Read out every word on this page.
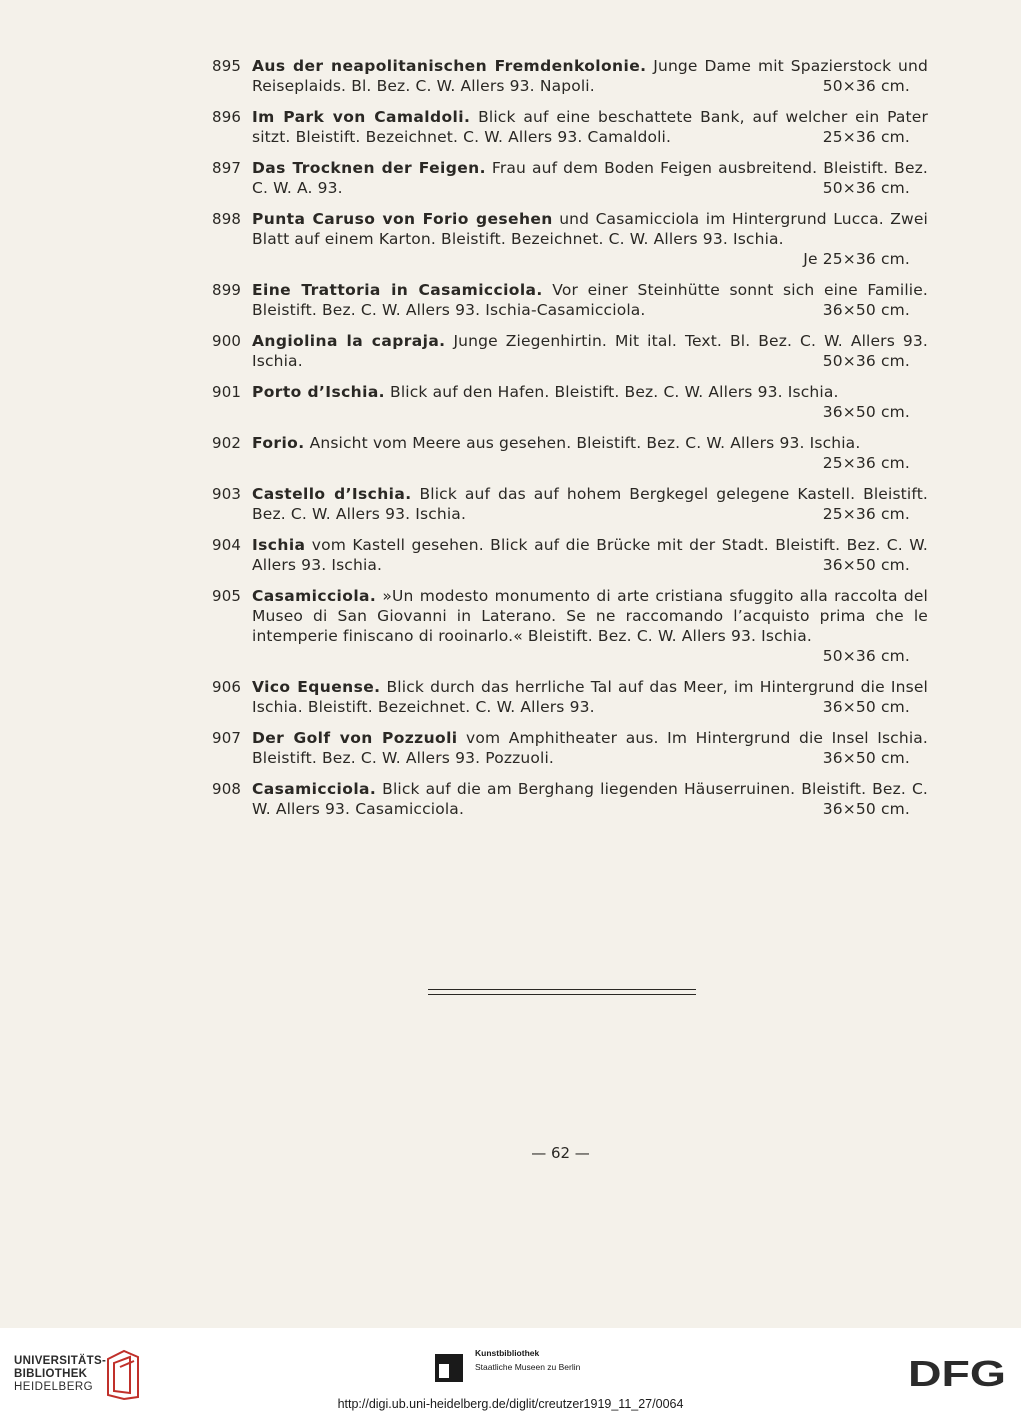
895 Aus der neapolitanischen Fremdenkolonie. Junge Dame mit Spazierstock und Reiseplaids. Bl. Bez. C. W. Allers 93. Napoli.	50×36 cm.
896 Im Park von Camaldoli. Blick auf eine beschattete Bank, auf welcher ein Pater sitzt. Bleistift. Bezeichnet. C. W. Allers 93. Camaldoli.	25×36 cm.
897 Das Trocknen der Feigen. Frau auf dem Boden Feigen ausbreitend. Bleistift. Bez. C. W. A. 93.	50×36 cm.
898 Punta Caruso von Forio gesehen und Casamicciola im Hintergrund Lucca. Zwei Blatt auf einem Karton. Bleistift. Bezeichnet. C. W. Allers 93. Ischia.
Je 25×36 cm.
899 Eine Trattoria in Casamicciola. Vor einer Steinhütte sonnt sich eine Familie. Bleistift. Bez. C. W. Allers 93. Ischia-Casamicciola.	36×50 cm.
900 Angiolina la capraja. Junge Ziegenhirtin. Mit ital. Text. Bl. Bez. C. W. Allers 93. Ischia.	50×36 cm.
901 Porto d’Ischia. Blick auf den Hafen. Bleistift. Bez. C. W. Allers 93. Ischia.
36×50 cm.
902 Forio. Ansicht vom Meere aus gesehen. Bleistift. Bez. C. W. Allers 93. Ischia.
25×36 cm.
903 Castello d’Ischia. Blick auf das auf hohem Bergkegel gelegene Kastell. Bleistift. Bez. C. W. Allers 93. Ischia.	25×36 cm.
904 Ischia vom Kastell gesehen. Blick auf die Brücke mit der Stadt. Bleistift. Bez. C. W. Allers 93. Ischia.	36×50 cm.
905 Casamicciola. »Un modesto monumento di arte cristiana sfuggito alla raccolta del Museo di San Giovanni in Laterano. Se ne raccomando l’acquisto prima che le intemperie finiscano di rooinarlo.« Bleistift. Bez. C. W. Allers 93. Ischia.
50×36 cm.
906 Vico Equense. Blick durch das herrliche Tal auf das Meer, im Hintergrund die Insel Ischia. Bleistift. Bezeichnet. C. W. Allers 93.	36×50 cm.
907 Der Golf von Pozzuoli vom Amphitheater aus. Im Hintergrund die Insel Ischia. Bleistift. Bez. C. W. Allers 93. Pozzuoli.	36×50 cm.
908 Casamicciola. Blick auf die am Berghang liegenden Häuserruinen. Bleistift. Bez. C. W. Allers 93. Casamicciola.	36×50 cm.
— 62 —
UNIVERSITÄTS-
BIBLIOTHEK
HEIDELBERG
Kunstbibliothek
Staatliche Museen zu Berlin	DFG
http://digi.ub.uni-heidelberg.de/diglit/creutzer1919_11_27/0064
